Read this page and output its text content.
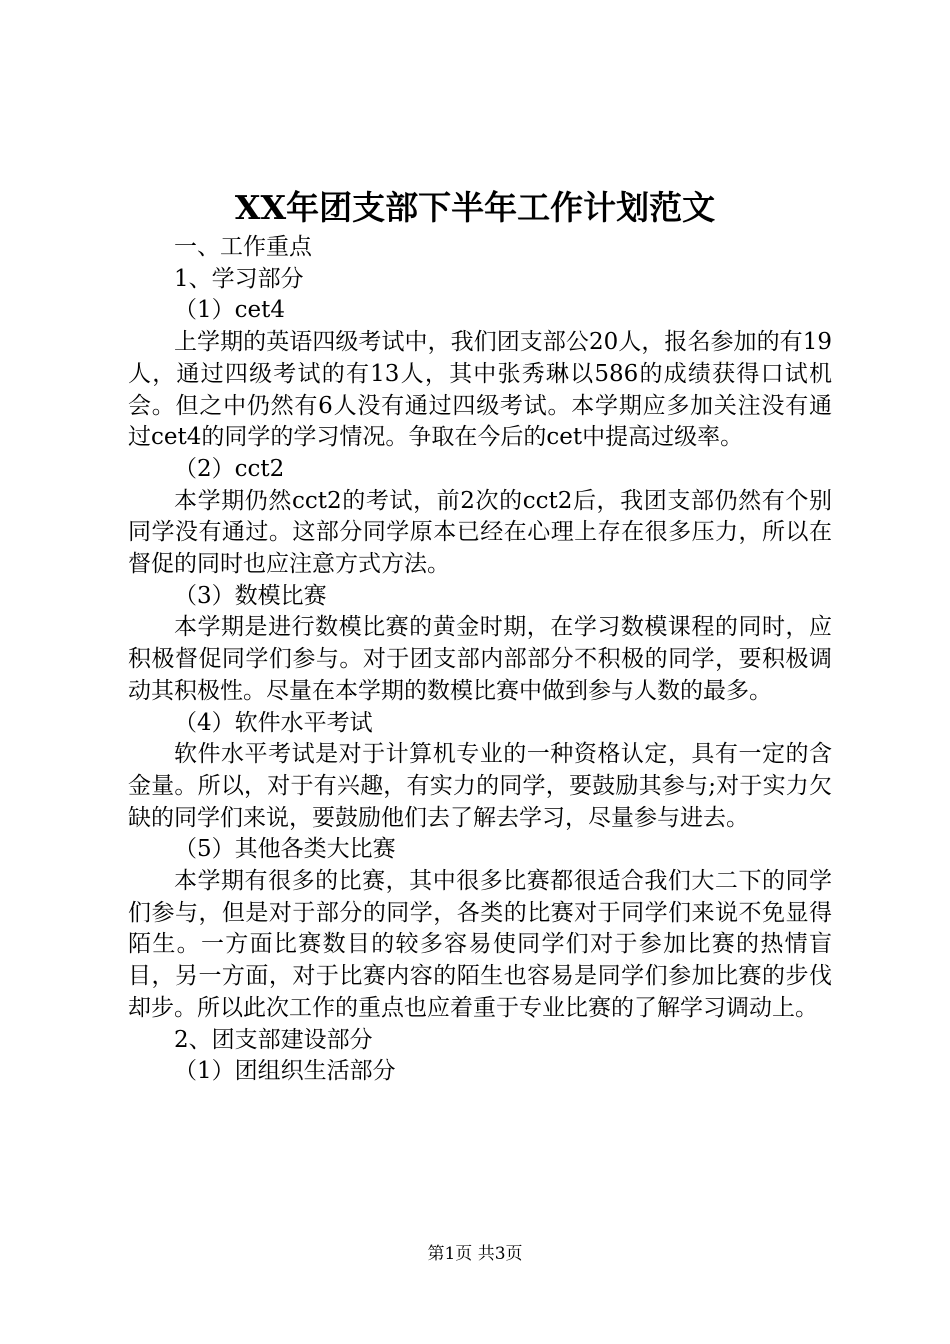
XX年团支部下半年工作计划范文

一、工作重点

1、学习部分

（1）cet4

上学期的英语四级考试中，我们团支部公20人，报名参加的有19人，通过四级考试的有13人，其中张秀琳以586的成绩获得口试机会。但之中仍然有6人没有通过四级考试。本学期应多加关注没有通过cet4的同学的学习情况。争取在今后的cet中提高过级率。

（2）cct2

本学期仍然cct2的考试，前2次的cct2后，我团支部仍然有个别同学没有通过。这部分同学原本已经在心理上存在很多压力，所以在督促的同时也应注意方式方法。

（3）数模比赛

本学期是进行数模比赛的黄金时期，在学习数模课程的同时，应积极督促同学们参与。对于团支部内部部分不积极的同学，要积极调动其积极性。尽量在本学期的数模比赛中做到参与人数的最多。

（4）软件水平考试

软件水平考试是对于计算机专业的一种资格认定，具有一定的含金量。所以，对于有兴趣，有实力的同学，要鼓励其参与;对于实力欠缺的同学们来说，要鼓励他们去了解去学习，尽量参与进去。

（5）其他各类大比赛

本学期有很多的比赛，其中很多比赛都很适合我们大二下的同学们参与，但是对于部分的同学，各类的比赛对于同学们来说不免显得陌生。一方面比赛数目的较多容易使同学们对于参加比赛的热情盲目，另一方面，对于比赛内容的陌生也容易是同学们参加比赛的步伐却步。所以此次工作的重点也应着重于专业比赛的了解学习调动上。

2、团支部建设部分

（1）团组织生活部分

第1页 共3页
